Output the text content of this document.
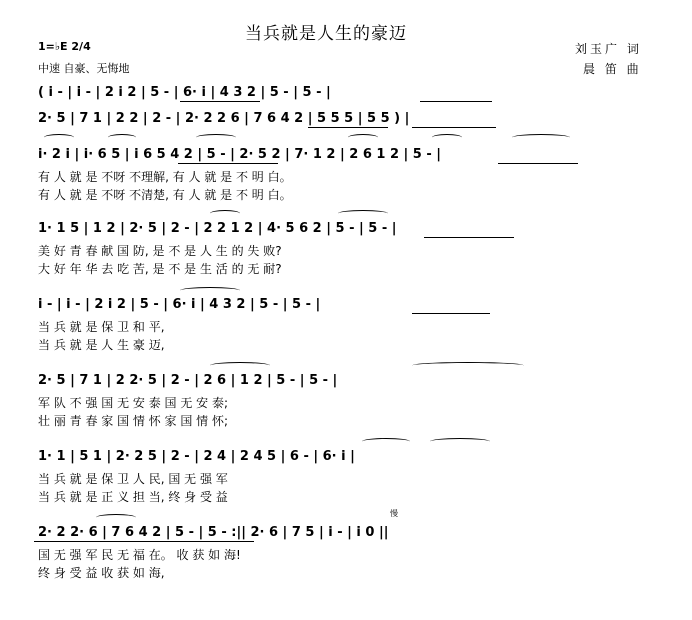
当兵就是人生的豪迈
1=♭E 2/4
中速 自豪、无悔地
刘玉广 词
晨 笛 曲
( i - | i - | 2 i 2 | 5 - | 6· i | 4 3 2 | 5 - | 5 - |
2· 5 | 7 1 | 2 2 | 2 - | 2· 2 2 6 | 7 6 4 2 | 5 5 5 | 5 5 ) |
i· 2 i | i· 6 5 | i 6 5 4 2 | 5 - | 2· 5 2 | 7· 1 2 | 2 6 1 2 | 5 - |
有 人 就 是 不呀 不理解, 有 人 就 是 不 明 白。
有 人 就 是 不呀 不清楚, 有 人 就 是 不 明 白。
1· 1 5 | 1 2 | 2· 5 | 2 - | 2 2 1 2 | 4· 5 6 2 | 5 - | 5 - |
美 好 青 春 献 国 防, 是 不 是 人 生 的 失 败?
大 好 年 华 去 吃 苦, 是 不 是 生 活 的 无 耐?
i - | i - | 2 i 2 | 5 - | 6· i | 4 3 2 | 5 - | 5 - |
当 兵 就 是 保 卫 和 平,
当 兵 就 是 人 生 豪 迈,
2· 5 | 7 1 | 2 2· 5 | 2 - | 2 6 | 1 2 | 5 - | 5 - |
军 队 不 强 国 无 安 泰 国 无 安 泰;
壮 丽 青 春 家 国 情 怀 家 国 情 怀;
1· 1 | 5 1 | 2· 2 5 | 2 - | 2 4 | 2 4 5 | 6 - | 6· i |
当 兵 就 是 保 卫 人 民, 国 无 强 军
当 兵 就 是 正 义 担 当, 终 身 受 益
2· 2 2· 6 | 7 6 4 2 | 5 - | 5 - :|| 2· 6 | 7 5 | i - | i 0 ||
国 无 强 军 民 无 福 在。 收 获 如 海!
终 身 受 益 收 获 如 海,
慢
